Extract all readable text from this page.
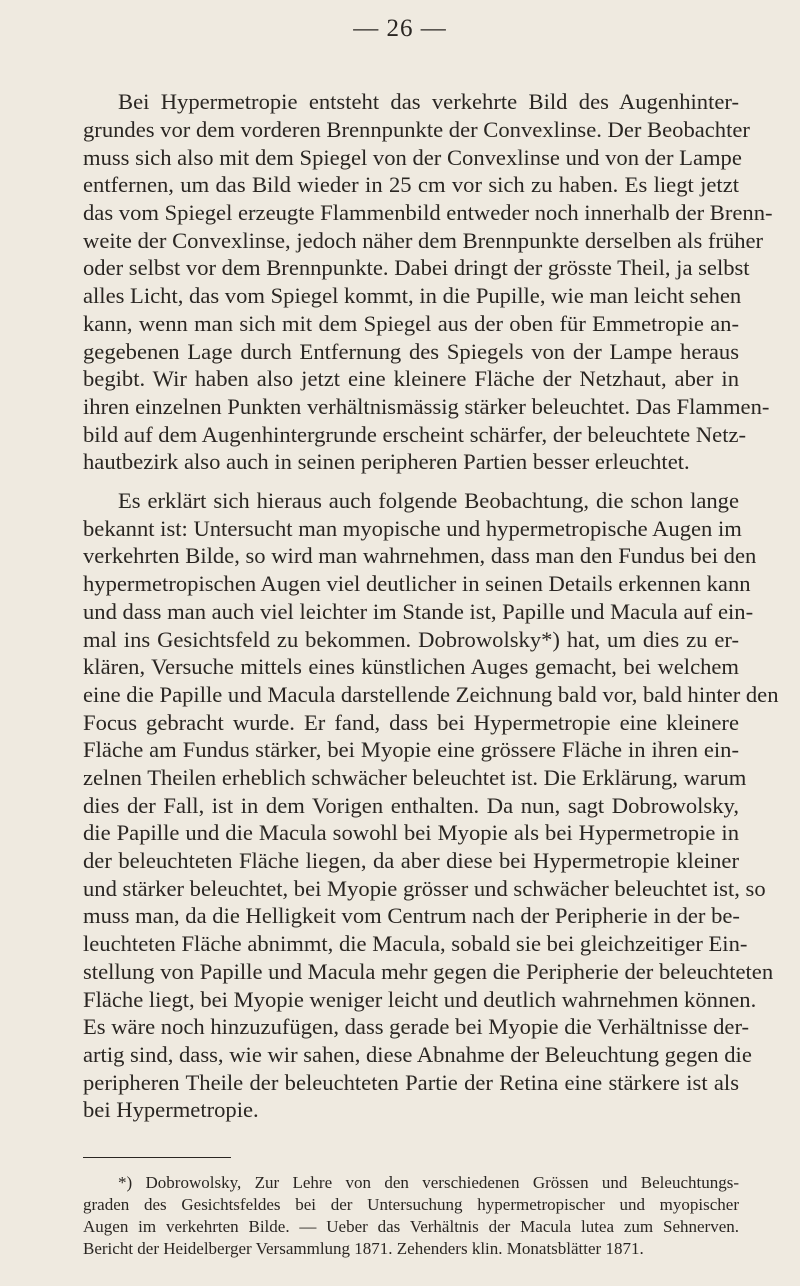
— 26 —
Bei Hypermetropie entsteht das verkehrte Bild des Augenhinter-
grundes vor dem vorderen Brennpunkte der Convexlinse. Der Beobachter
muss sich also mit dem Spiegel von der Convexlinse und von der Lampe
entfernen, um das Bild wieder in 25 cm vor sich zu haben. Es liegt jetzt
das vom Spiegel erzeugte Flammenbild entweder noch innerhalb der Brenn-
weite der Convexlinse, jedoch näher dem Brennpunkte derselben als früher
oder selbst vor dem Brennpunkte. Dabei dringt der grösste Theil, ja selbst
alles Licht, das vom Spiegel kommt, in die Pupille, wie man leicht sehen
kann, wenn man sich mit dem Spiegel aus der oben für Emmetropie an-
gegebenen Lage durch Entfernung des Spiegels von der Lampe heraus
begibt. Wir haben also jetzt eine kleinere Fläche der Netzhaut, aber in
ihren einzelnen Punkten verhältnismässig stärker beleuchtet. Das Flammen-
bild auf dem Augenhintergrunde erscheint schärfer, der beleuchtete Netz-
hautbezirk also auch in seinen peripheren Partien besser erleuchtet.
Es erklärt sich hieraus auch folgende Beobachtung, die schon lange
bekannt ist: Untersucht man myopische und hypermetropische Augen im
verkehrten Bilde, so wird man wahrnehmen, dass man den Fundus bei den
hypermetropischen Augen viel deutlicher in seinen Details erkennen kann
und dass man auch viel leichter im Stande ist, Papille und Macula auf ein-
mal ins Gesichtsfeld zu bekommen. Dobrowolsky*) hat, um dies zu er-
klären, Versuche mittels eines künstlichen Auges gemacht, bei welchem
eine die Papille und Macula darstellende Zeichnung bald vor, bald hinter den
Focus gebracht wurde. Er fand, dass bei Hypermetropie eine kleinere
Fläche am Fundus stärker, bei Myopie eine grössere Fläche in ihren ein-
zelnen Theilen erheblich schwächer beleuchtet ist. Die Erklärung, warum
dies der Fall, ist in dem Vorigen enthalten. Da nun, sagt Dobrowolsky,
die Papille und die Macula sowohl bei Myopie als bei Hypermetropie in
der beleuchteten Fläche liegen, da aber diese bei Hypermetropie kleiner
und stärker beleuchtet, bei Myopie grösser und schwächer beleuchtet ist, so
muss man, da die Helligkeit vom Centrum nach der Peripherie in der be-
leuchteten Fläche abnimmt, die Macula, sobald sie bei gleichzeitiger Ein-
stellung von Papille und Macula mehr gegen die Peripherie der beleuchteten
Fläche liegt, bei Myopie weniger leicht und deutlich wahrnehmen können.
Es wäre noch hinzuzufügen, dass gerade bei Myopie die Verhältnisse der-
artig sind, dass, wie wir sahen, diese Abnahme der Beleuchtung gegen die
peripheren Theile der beleuchteten Partie der Retina eine stärkere ist als
bei Hypermetropie.
*) Dobrowolsky, Zur Lehre von den verschiedenen Grössen und Beleuchtungs-
graden des Gesichtsfeldes bei der Untersuchung hypermetropischer und myopischer
Augen im verkehrten Bilde. — Ueber das Verhältnis der Macula lutea zum Sehnerven.
Bericht der Heidelberger Versammlung 1871. Zehenders klin. Monatsblätter 1871.
